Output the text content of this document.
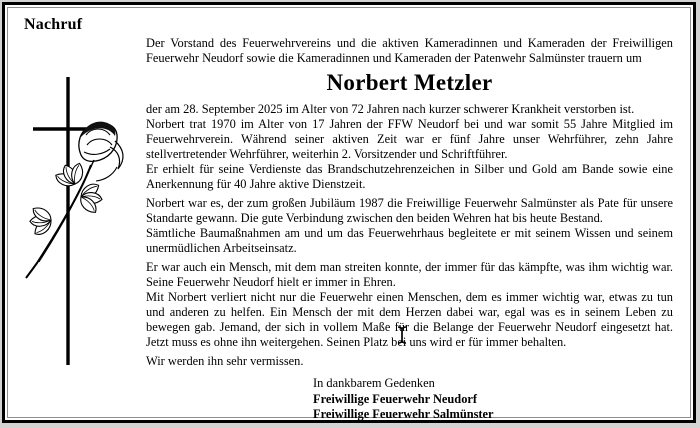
Nachruf

Der Vorstand des Feuerwehrvereins und die aktiven Kameradinnen und Kameraden der Freiwilligen Feuerwehr Neudorf sowie die Kameradinnen und Kameraden der Patenwehr Salmünster trauern um

Norbert Metzler

der am 28. September 2025 im Alter von 72 Jahren nach kurzer schwerer Krankheit verstorben ist.

Norbert trat 1970 im Alter von 17 Jahren der FFW Neudorf bei und war somit 55 Jahre Mitglied im Feuerwehrverein. Während seiner aktiven Zeit war er fünf Jahre unser Wehrführer, zehn Jahre stellvertretender Wehrführer, weiterhin 2. Vorsitzender und Schriftführer.

Er erhielt für seine Verdienste das Brandschutzehrenzeichen in Silber und Gold am Bande sowie eine Anerkennung für 40 Jahre aktive Dienstzeit.

Norbert war es, der zum großen Jubiläum 1987 die Freiwillige Feuerwehr Salmünster als Pate für unsere Standarte gewann. Die gute Verbindung zwischen den beiden Wehren hat bis heute Bestand.

Sämtliche Baumaßnahmen am und um das Feuerwehrhaus begleitete er mit seinem Wissen und seinem unermüdlichen Arbeitseinsatz.

Er war auch ein Mensch, mit dem man streiten konnte, der immer für das kämpfte, was ihm wichtig war. Seine Feuerwehr Neudorf hielt er immer in Ehren.

Mit Norbert verliert nicht nur die Feuerwehr einen Menschen, dem es immer wichtig war, etwas zu tun und anderen zu helfen. Ein Mensch der mit dem Herzen dabei war, egal was es in seinem Leben zu bewegen gab. Jemand, der sich in vollem Maße für die Belange der Feuerwehr Neudorf eingesetzt hat. Jetzt muss es ohne ihn weitergehen. Seinen Platz bei uns wird er für immer behalten.

Wir werden ihn sehr vermissen.

In dankbarem Gedenken

Freiwillige Feuerwehr Neudorf

Freiwillige Feuerwehr Salmünster
